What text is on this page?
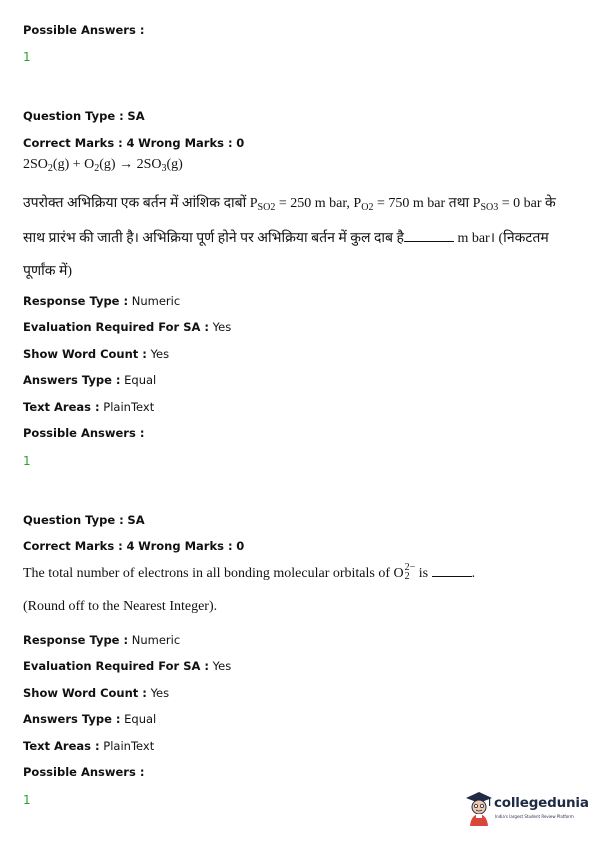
Possible Answers :
1
Question Type : SA
Correct Marks : 4 Wrong Marks : 0
$2SO_2(g) + O_2(g) \to 2SO_3(g)$
उपरोक्त अभिक्रिया एक बर्तन में आंशिक दाबों $P_{SO2} = 250$ m bar, $P_{O2} = 750$ m bar तथा $P_{SO3} = 0$ bar के
साथ प्रारंभ की जाती है। अभिक्रिया पूर्ण होने पर अभिक्रिया बर्तन में कुल दाब है	m bar। (निकटतम
पूर्णांक में)
Response Type : Numeric
Evaluation Required For SA : Yes
Show Word Count : Yes
Answers Type : Equal
Text Areas : PlainText
Possible Answers :
1
Question Type : SA
Correct Marks : 4 Wrong Marks : 0
The total number of electrons in all bonding molecular orbitals of O 2−
2 is	.
(Round off to the Nearest Integer).
Response Type : Numeric
Evaluation Required For SA : Yes
Show Word Count : Yes
Answers Type : Equal
Text Areas : PlainText
Possible Answers :
1	collegedunia
India's largest Student Review Platform
